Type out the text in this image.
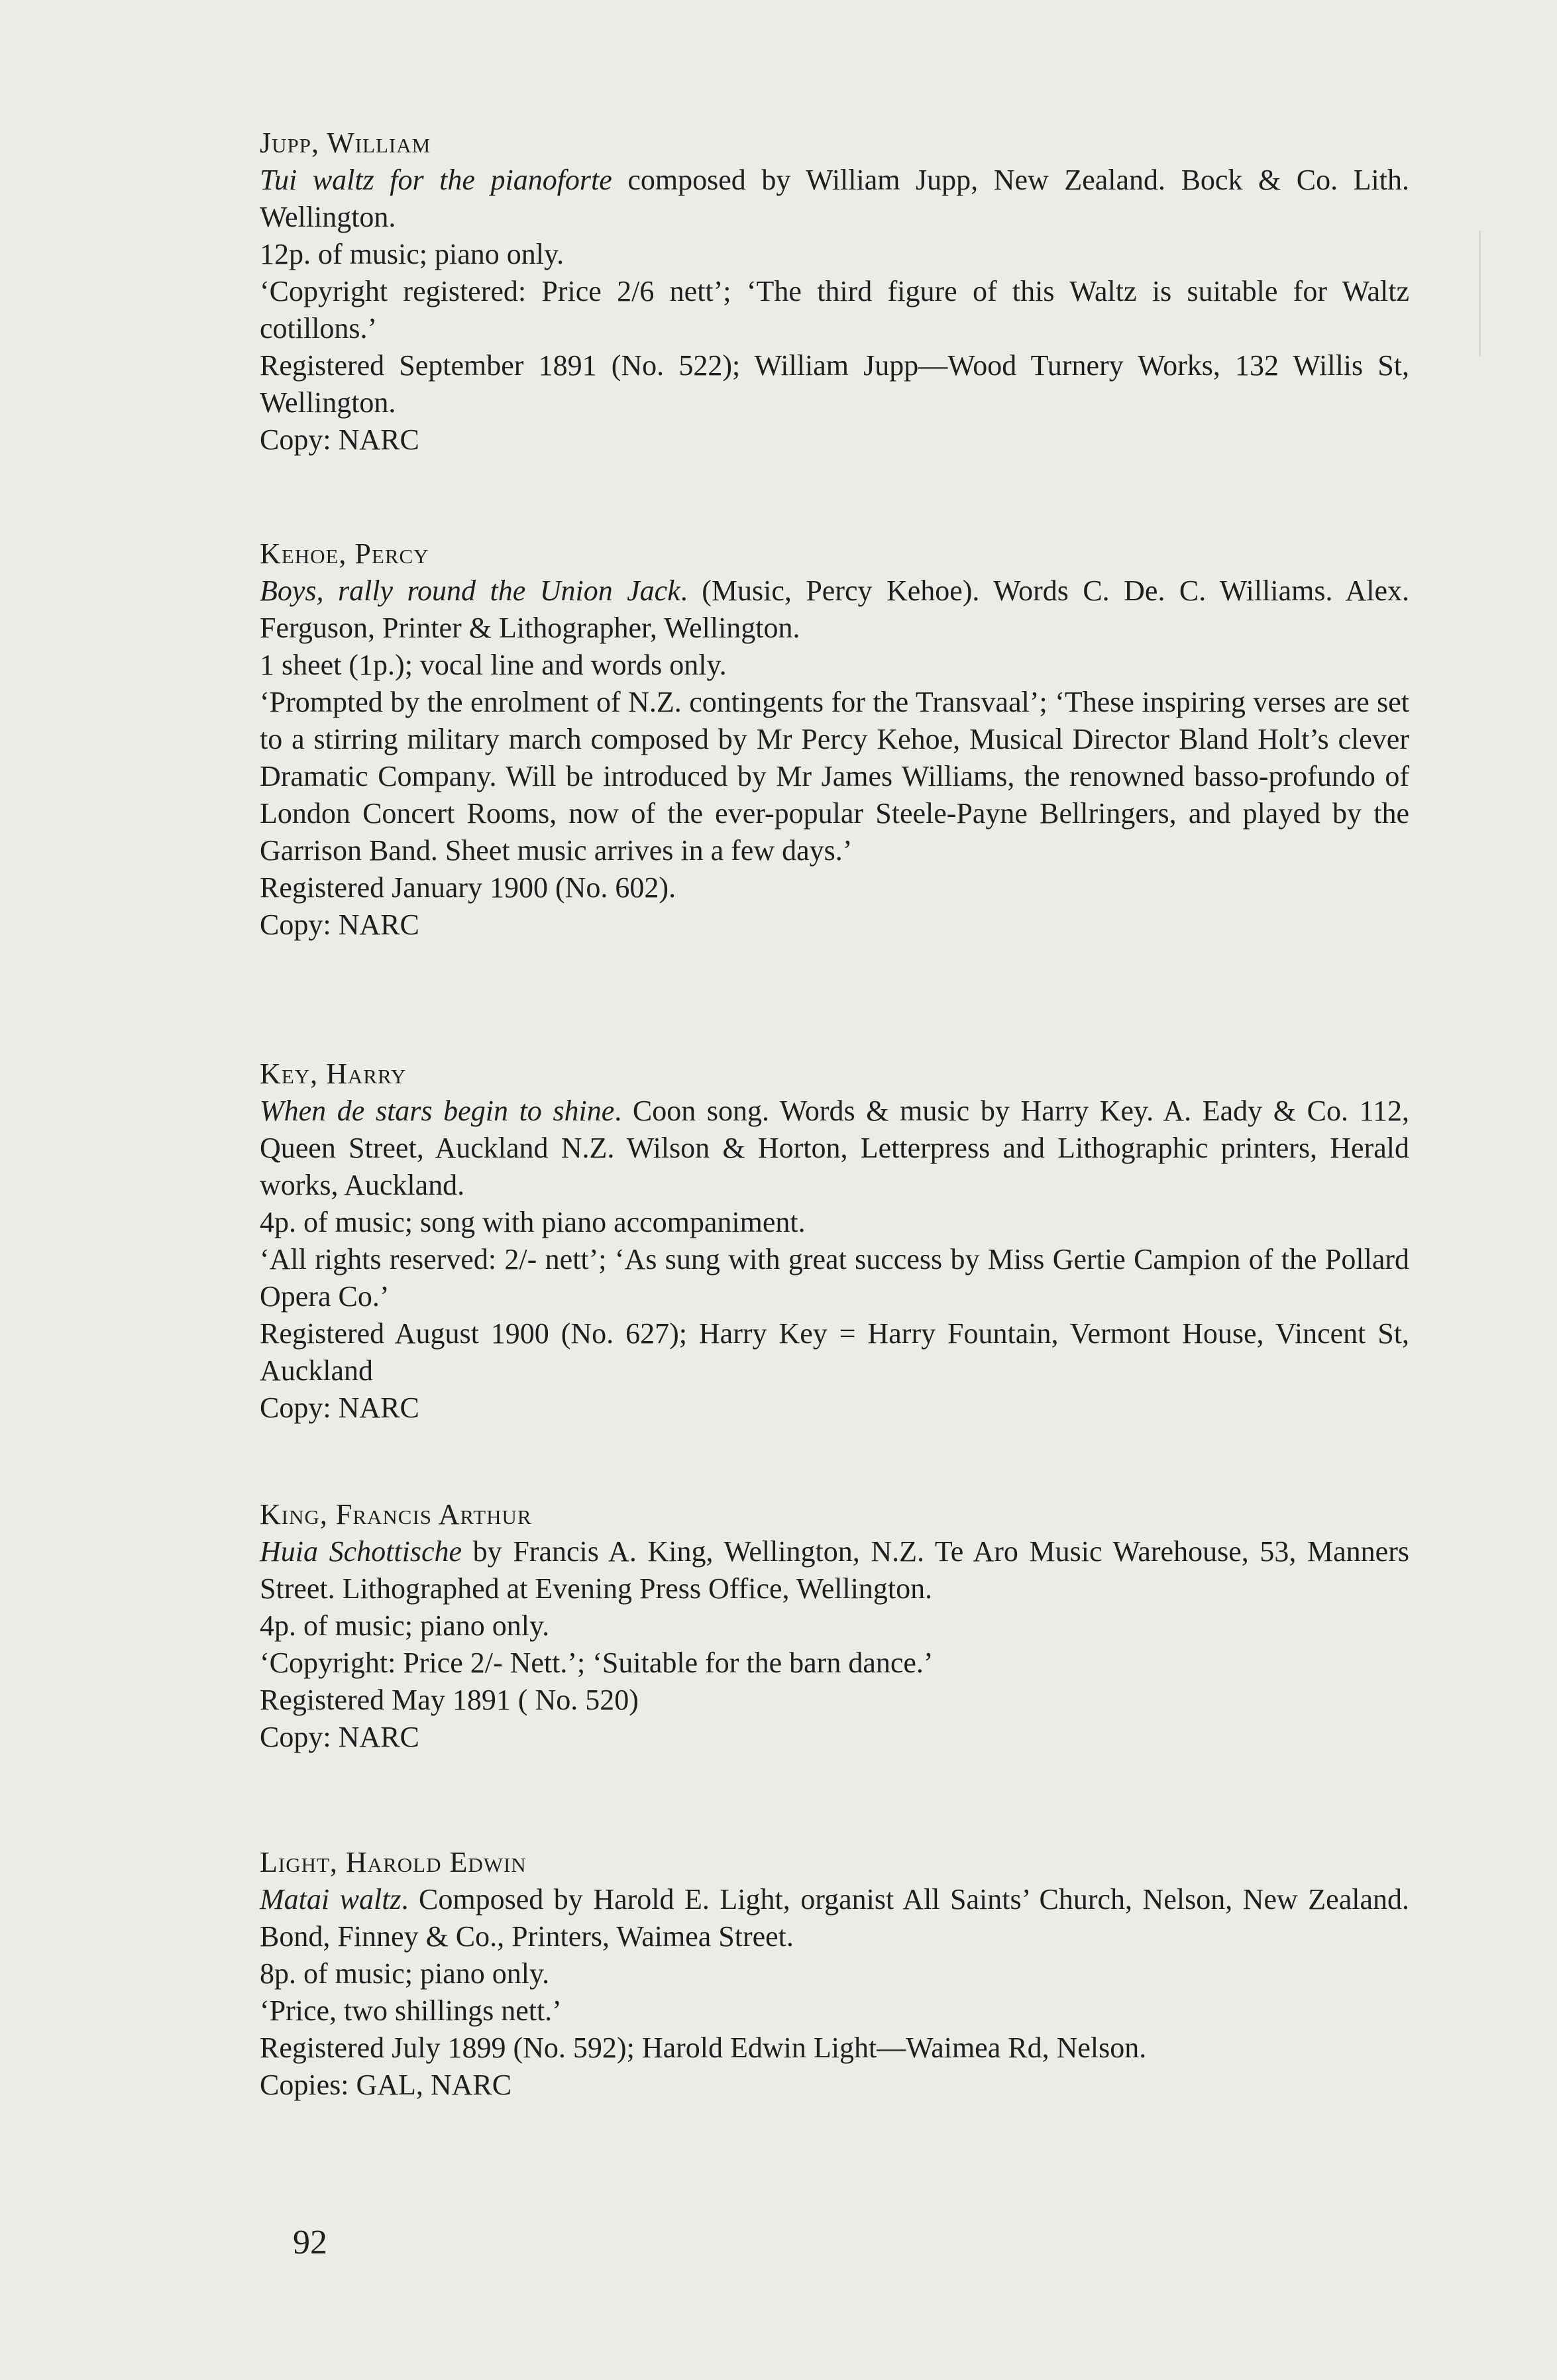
Jupp, William
Tui waltz for the pianoforte composed by William Jupp, New Zealand. Bock & Co. Lith. Wellington.
12p. of music; piano only.
‘Copyright registered: Price 2/6 nett’; ‘The third figure of this Waltz is suitable for Waltz cotillons.’
Registered September 1891 (No. 522); William Jupp—Wood Turnery Works, 132 Willis St, Wellington.
Copy: NARC
Kehoe, Percy
Boys, rally round the Union Jack. (Music, Percy Kehoe). Words C. De. C. Williams. Alex. Ferguson, Printer & Lithographer, Wellington.
1 sheet (1p.); vocal line and words only.
‘Prompted by the enrolment of N.Z. contingents for the Transvaal’; ‘These inspiring verses are set to a stirring military march composed by Mr Percy Kehoe, Musical Director Bland Holt’s clever Dramatic Company. Will be introduced by Mr James Williams, the renowned basso-profundo of London Concert Rooms, now of the ever-popular Steele-Payne Bellringers, and played by the Garrison Band. Sheet music arrives in a few days.’
Registered January 1900 (No. 602).
Copy: NARC
Key, Harry
When de stars begin to shine. Coon song. Words & music by Harry Key. A. Eady & Co. 112, Queen Street, Auckland N.Z. Wilson & Horton, Letterpress and Lithographic printers, Herald works, Auckland.
4p. of music; song with piano accompaniment.
‘All rights reserved: 2/- nett’; ‘As sung with great success by Miss Gertie Campion of the Pollard Opera Co.’
Registered August 1900 (No. 627); Harry Key = Harry Fountain, Vermont House, Vincent St, Auckland
Copy: NARC
King, Francis Arthur
Huia Schottische by Francis A. King, Wellington, N.Z. Te Aro Music Warehouse, 53, Manners Street. Lithographed at Evening Press Office, Wellington.
4p. of music; piano only.
‘Copyright: Price 2/- Nett.’; ‘Suitable for the barn dance.’
Registered May 1891 ( No. 520)
Copy: NARC
Light, Harold Edwin
Matai waltz. Composed by Harold E. Light, organist All Saints’ Church, Nelson, New Zealand. Bond, Finney & Co., Printers, Waimea Street.
8p. of music; piano only.
‘Price, two shillings nett.’
Registered July 1899 (No. 592); Harold Edwin Light—Waimea Rd, Nelson.
Copies: GAL, NARC
92
